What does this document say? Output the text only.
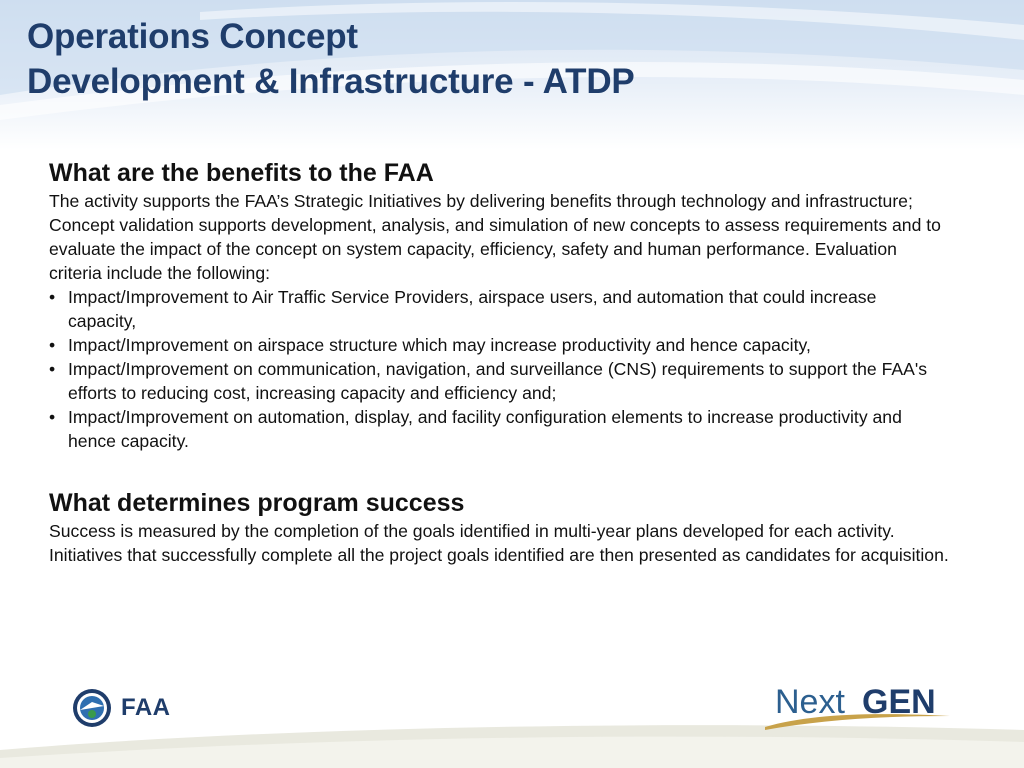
Operations Concept
Development & Infrastructure - ATDP
What are the benefits to the FAA

The activity supports the FAA’s Strategic Initiatives by delivering benefits through technology and infrastructure; Concept validation supports development, analysis, and simulation of new concepts to assess requirements and to evaluate the impact of the concept on system capacity, efficiency, safety and human performance. Evaluation criteria include the following:

• Impact/Improvement to Air Traffic Service Providers, airspace users, and automation that could increase capacity,
• Impact/Improvement on airspace structure which may increase productivity and hence capacity,
• Impact/Improvement on communication, navigation, and surveillance (CNS) requirements to support the FAA's efforts to reducing cost, increasing capacity and efficiency and;
• Impact/Improvement on automation, display, and facility configuration elements to increase productivity and hence capacity.
What determines program success

Success is measured by the completion of the goals identified in multi-year plans developed for each activity. Initiatives that successfully complete all the project goals identified are then presented as candidates for acquisition.

FAA	Next GEN
